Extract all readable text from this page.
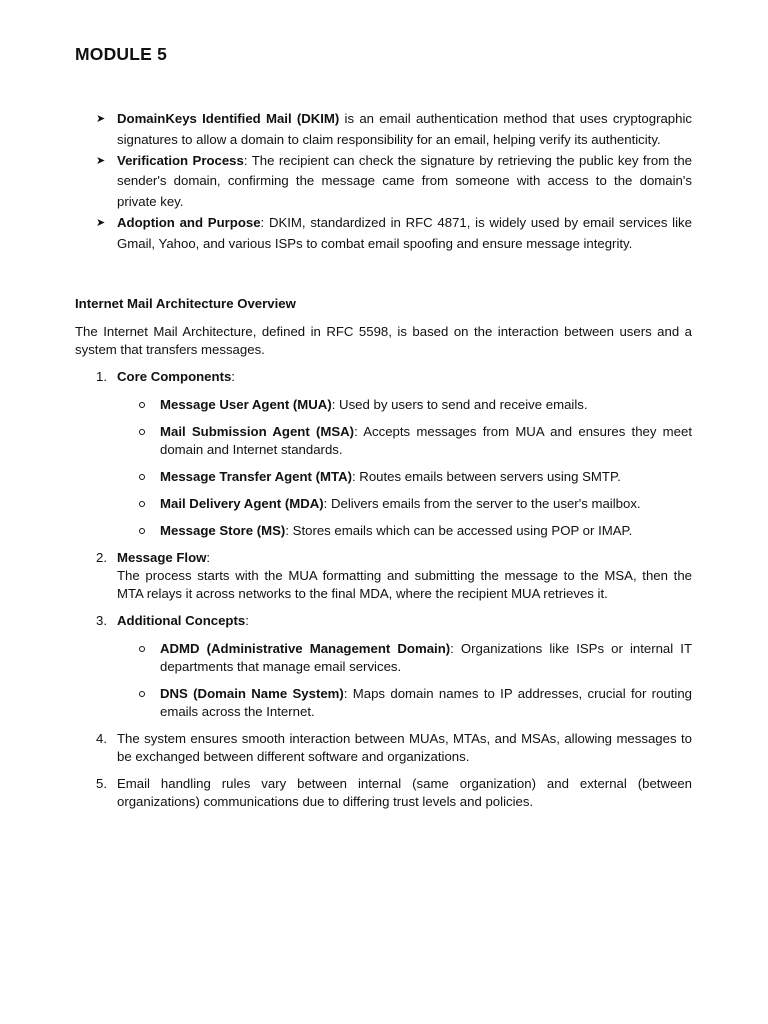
MODULE 5
➤ DomainKeys Identified Mail (DKIM) is an email authentication method that uses cryptographic signatures to allow a domain to claim responsibility for an email, helping verify its authenticity.
➤ Verification Process: The recipient can check the signature by retrieving the public key from the sender's domain, confirming the message came from someone with access to the domain's private key.
➤ Adoption and Purpose: DKIM, standardized in RFC 4871, is widely used by email services like Gmail, Yahoo, and various ISPs to combat email spoofing and ensure message integrity.
Internet Mail Architecture Overview

The Internet Mail Architecture, defined in RFC 5598, is based on the interaction between users and a system that transfers messages.

1. Core Components:
Message User Agent (MUA): Used by users to send and receive emails.
Mail Submission Agent (MSA): Accepts messages from MUA and ensures they meet domain and Internet standards.
Message Transfer Agent (MTA): Routes emails between servers using SMTP.
Mail Delivery Agent (MDA): Delivers emails from the server to the user's mailbox.
Message Store (MS): Stores emails which can be accessed using POP or IMAP.
2. Message Flow:
The process starts with the MUA formatting and submitting the message to the MSA, then the MTA relays it across networks to the final MDA, where the recipient MUA retrieves it.
3. Additional Concepts:
ADMD (Administrative Management Domain): Organizations like ISPs or internal IT departments that manage email services.
DNS (Domain Name System): Maps domain names to IP addresses, crucial for routing emails across the Internet.
4. The system ensures smooth interaction between MUAs, MTAs, and MSAs, allowing messages to be exchanged between different software and organizations.
5. Email handling rules vary between internal (same organization) and external (between organizations) communications due to differing trust levels and policies.
